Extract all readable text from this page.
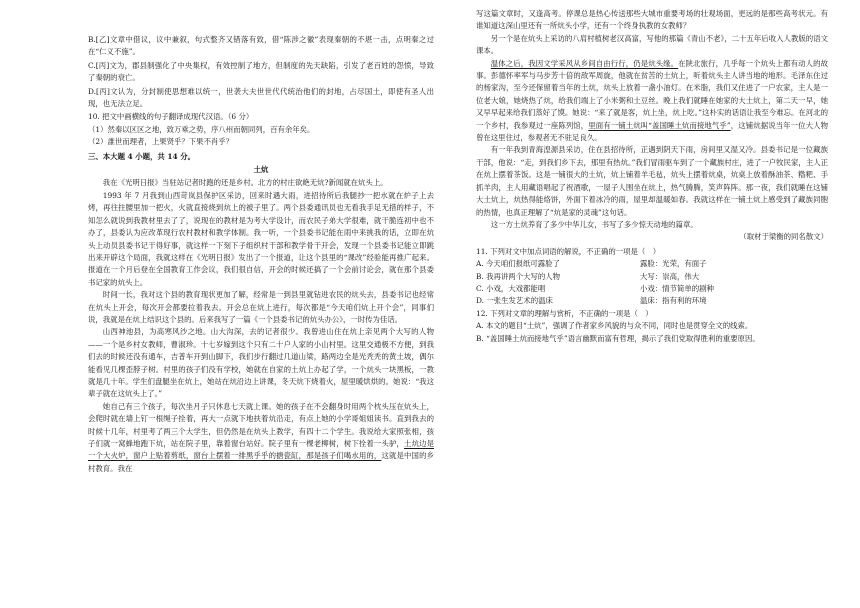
B.[乙]文章中借议，议中兼叙，句式整齐又错落有致，借“陈涉之徽”表现秦朝的不堪一击，点明秦之过在“仁义不施”。

C.[丙]文为，郡县制强化了中央集权，有效控制了地方，但制度的先天缺陷，引发了老百姓的怨愤，导致了秦朝的衰亡。

D.[丙]文认为，分封制使思想难以统一，世袭大夫世世代代统治他们的封地，占尽国土，即使有圣人出现，也无法立足。

10. 把文中画横线的句子翻译成现代汉语。（6 分）

（1）然秦以区区之地，致万乘之势，序八州而朝同列，百有余年矣。

（2）誰世而理者，上果贤乎？下果不肖乎？

三、本大题 4 小题，共 14 分。

土炕

我在《光明日报》当驻站记者时跑的还是乡村。北方的村庄欲絶无炕?新闻就在炕头上。

1993 年 7 月我到山西苛岚县保护区采访，回来时遇大雨，进招待所后我腿抄一把水就在炉子上去烤，再往拄腰里加一把火，火就直接烧到炕上的被子里了。两个县委通讯员也无看我手足无措的样子，不知怎么就说到我教材里去了了，说现在的教材是为考大学设计，而农民子弟大学很难，就干脆连初中也不办了，县委认为应改革现行农村教材和教学体制。我一听，一个县委书记能在雨中来挑我的话，立即在炕头上动员县委书记干得好事，就这样一下刻下子组织村干部和教学骨干开会，发现一个县委书记能立即跳出来开辟这个局面，我就这样在《光明日报》发出了一个报道，让这个县里的“课改”经验能再推广起来。报道在一个月后登在全国教育工作会议，我们很自信，开会的时候还搞了一个会前讨论会，就在那个县委书记家的炕头上。

时间一长，我对这个县的教育现状更加了解，经常是一到县里就钻进农民的炕头去，县委书记也经常在炕头上开会，每次开会都要拉着我去。开会总在炕上进行，每次都是“今天咱们炕上开个会”，同事们说，我就是在炕上结识这个县的。后来我写了一篇《一个县委书记的炕头办公》，一时传为佳话。

山西神池县，为高寒风沙之地。山大沟深，去的记者很少。我曾进山住在炕上亲见两个大写的人物——一个是乡村女教师，曹淑珍。十七岁嫁到这个只有二十户人家的小山村里。这里交通极不方便，到我们去的时候还没有通车，吉普车开到山脚下，我们步行翻过几道山梁，路两边全是光秃秃的黄土坡，偶尔能看见几棵歪脖子树。村里的孩子们没有学校，她就在自家的土炕上办起了学，一个炕头一块黑板，一教就是几十年。学生们盘腿坐在炕上，她站在炕沿边上讲课，冬天炕下烧着火，屋里暖烘烘的。她说：“我这辈子就在这炕头上了。”

她自己有三个孩子，每次坐月子只休息七天就上课。她的孩子在不会翻身时用两个枕头压在炕头上，会爬时就在墙上钉一根绳子拴着，再大一点就下地扶着炕沿走，有点上她的小学哥姐姐读书。直到我去的时候十几年，村里考了两三个大学生，但仍然是在炕头上教学，有四十二个学生。我说给大家照张相，孩子们就一窝蜂地跑下炕，站在院子里，靠着窗台站好。院子里有一棵老柳树，树下拴着一头驴，土炕边是一个大火炉，窗户上贴着剪纸，窗台上摆着一排黑乎乎的搪瓷缸，那是孩子们喝水用的，这就是中国的乡村教育。我在

写这篇文章时，又逢高考。停课总是热心传送那些大城市重要考场的壮观场面，更远的是那些高考状元。有谁知道这深山里还有一所炕头小学，还有一个终身执教的女教师？

另一个是在炕头上采访的八肩村植树老汉高富，写他的那篇《青山不老》，二十五年后收入人教版的语文课本。

温体之后，我因文学采风从乡间自由行行，仍是炕头缘。在陕北旅行，几乎每一个炕头上都有动人的故事。彭德怀率军与马步芳十倍的敌军周旋，他就在贫苦的土炕上，听着炕头主人讲当地的地形。毛泽东住过的杨家沟，至今还保留着当年的土炕，炕头上放着一盏小油灯。在米脂，我们又住进了一户农家，主人是一位老大娘，她烧热了炕，给我们端上了小米粥和土豆丝。晚上我们就睡在她家的大土炕上，第二天一早，她又早早起来给我们蒸好了馍。她说：“来了就是客，炕上坐，炕上吃。”这朴实的话语让我至今难忘。在河北的一个乡村，我参观过一座陈列馆，里面有一铺土炕叫“盖国睡土炕而接地气乎”，这铺炕据说当年一位大人物曾在这里住过，参观者无不驻足良久。

有一年我到青海湟源县采访，住在县招待所，正遇到阴天下雨，房间里又湿又冷。县委书记是一位藏族干部，他说：“走，到我们乡下去，那里有热炕。”我们冒雨驱车到了一个藏族村庄，进了一户牧民家，主人正在炕上摆着茶饭。这是一铺很大的土炕，炕上铺着羊毛毡，炕头上摆着炕桌，炕桌上放着酥油茶、糌粑、手抓羊肉，主人用藏语唱起了祝酒歌，一屋子人围坐在炕上，热气腾腾，笑声阵阵。那一夜，我们就睡在这铺大土炕上，炕热得能烙饼，外面下着冰冷的雨，屋里却温暖如春。我就这样在一铺土炕上感受到了藏族同胞的热情，也真正理解了“炕是家的灵魂”这句话。

这一方土炕养育了多少中华儿女，书写了多少惊天动地的篇章。

（取材于梁衡的同名散文）

11. 下列对文中加点词语的解说，不正确的一项是（　）

A. 今天咱们报纸可露脸了	露脸：光荣，有面子
B. 我再讲两个大写的人物	大写：崇高，伟大
C. 小戏，大戏都能唱	小戏：情节简单的剧种
D. 一张生发艺术的温床	温床：指有利的环境

12. 下列对文章的理解与赏析，不正确的一项是（　）

A. 本文的题目“土炕”，强调了作者家乡风貌的与众不同，同时也是贯穿全文的线索。

B. “盖国睡土炕而接地气乎”语言幽默而富有哲理，揭示了我们党取得胜利的重要原因。
